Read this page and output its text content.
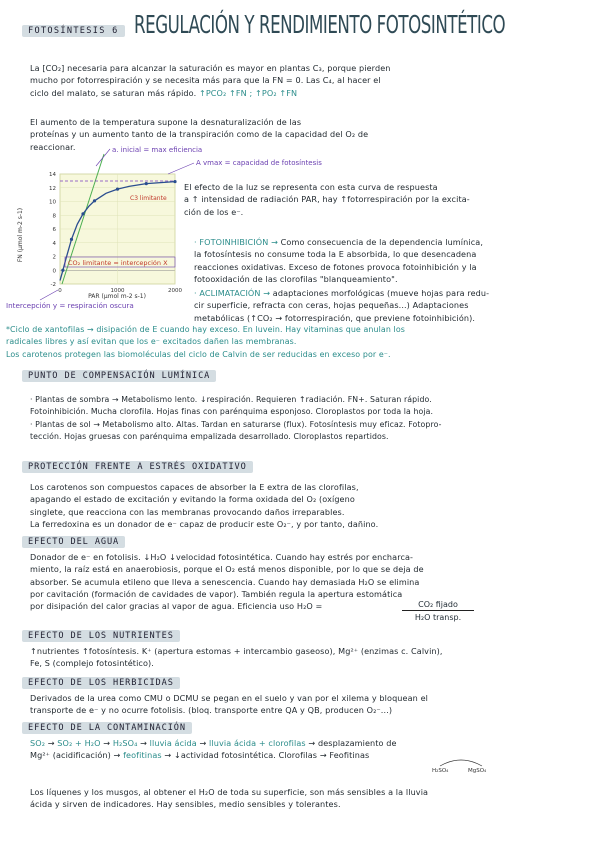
FOTOSÍNTESIS 6 REGULACIÓN Y RENDIMIENTO FOTOSINTÉTICO

La [CO₂] necesaria para alcanzar la saturación es mayor en plantas C₃, porque pierden

mucho por fotorrespiración y se necesita más para que la FN = 0. Las C₄, al hacer el

ciclo del malato, se saturan más rápido. ↑PCO₂ ↑FN ; ↑PO₂ ↑FN

El aumento de la temperatura supone la desnaturalización de las

proteínas y un aumento tanto de la transpiración como de la capacidad del O₂ de

reaccionar.

-2
0
2
4
6
8
10
12
14
0	1000	2000
FN (μmol m-2 s-1)
PAR (μmol m-2 s-1)
C3 limitante
CO₂ limitante = intercepción X
a. inicial = max eficiencia
A vmax = capacidad de fotosíntesis
Intercepción y = respiración oscura

El efecto de la luz se representa con esta curva de respuesta

a ↑ intensidad de radiación PAR, hay ↑fotorrespiración por la excita-

ción de los e⁻.

· FOTOINHIBICIÓN → Como consecuencia de la dependencia lumínica,

la fotosíntesis no consume toda la E absorbida, lo que desencadena

reacciones oxidativas. Exceso de fotones provoca fotoinhibición y la

fotooxidación de las clorofilas "blanqueamiento".

· ACLIMATACIÓN → adaptaciones morfológicas (mueve hojas para redu-

cir superficie, refracta con ceras, hojas pequeñas...) Adaptaciones

metabólicas (↑CO₂ → fotorrespiración, que previene fotoinhibición).

*Ciclo de xantofilas → disipación de E cuando hay exceso. En luvein. Hay vitaminas que anulan los

radicales libres y así evitan que los e⁻ excitados dañen las membranas.

Los carotenos protegen las biomoléculas del ciclo de Calvin de ser reducidas en exceso por e⁻.

PUNTO DE COMPENSACIÓN LUMÍNICA

· Plantas de sombra → Metabolismo lento. ↓respiración. Requieren ↑radiación. FN+. Saturan rápido.

Fotoinhibición. Mucha clorofila. Hojas finas con parénquima esponjoso. Cloroplastos por toda la hoja.

· Plantas de sol → Metabolismo alto. Altas. Tardan en saturarse (flux). Fotosíntesis muy eficaz. Fotopro-

tección. Hojas gruesas con parénquima empalizada desarrollado. Cloroplastos repartidos.

PROTECCIÓN FRENTE A ESTRÉS OXIDATIVO

Los carotenos son compuestos capaces de absorber la E extra de las clorofilas,

apagando el estado de excitación y evitando la forma oxidada del O₂ (oxígeno

singlete, que reacciona con las membranas provocando daños irreparables.

La ferredoxina es un donador de e⁻ capaz de producir este O₂⁻, y por tanto, dañino.

EFECTO DEL AGUA

Donador de e⁻ en fotolisis. ↓H₂O ↓velocidad fotosintética. Cuando hay estrés por encharca-

miento, la raíz está en anaerobiosis, porque el O₂ está menos disponible, por lo que se deja de

absorber. Se acumula etileno que lleva a senescencia. Cuando hay demasiada H₂O se elimina

por cavitación (formación de cavidades de vapor). También regula la apertura estomática

por disipación del calor gracias al vapor de agua. Eficiencia uso H₂O =	CO₂ fijado
H₂O transp.
EFECTO DE LOS NUTRIENTES

↑nutrientes ↑fotosíntesis. K⁺ (apertura estomas + intercambio gaseoso), Mg²⁺ (enzimas c. Calvin),

Fe, S (complejo fotosintético).

EFECTO DE LOS HERBICIDAS

Derivados de la urea como CMU o DCMU se pegan en el suelo y van por el xilema y bloquean el

transporte de e⁻ y no ocurre fotolisis. (bloq. transporte entre QA y QB, producen O₂⁻...)

EFECTO DE LA CONTAMINACIÓN

SO₂ → SO₂ + H₂O → H₂SO₄ → lluvia ácida → lluvia ácida + clorofilas → desplazamiento de

Mg²⁺ (acidificación) → feofitinas → ↓actividad fotosintética. Clorofilas → Feofitinas

H₂SO₄	MgSO₄

Los líquenes y los musgos, al obtener el H₂O de toda su superficie, son más sensibles a la lluvia

ácida y sirven de indicadores. Hay sensibles, medio sensibles y tolerantes.
